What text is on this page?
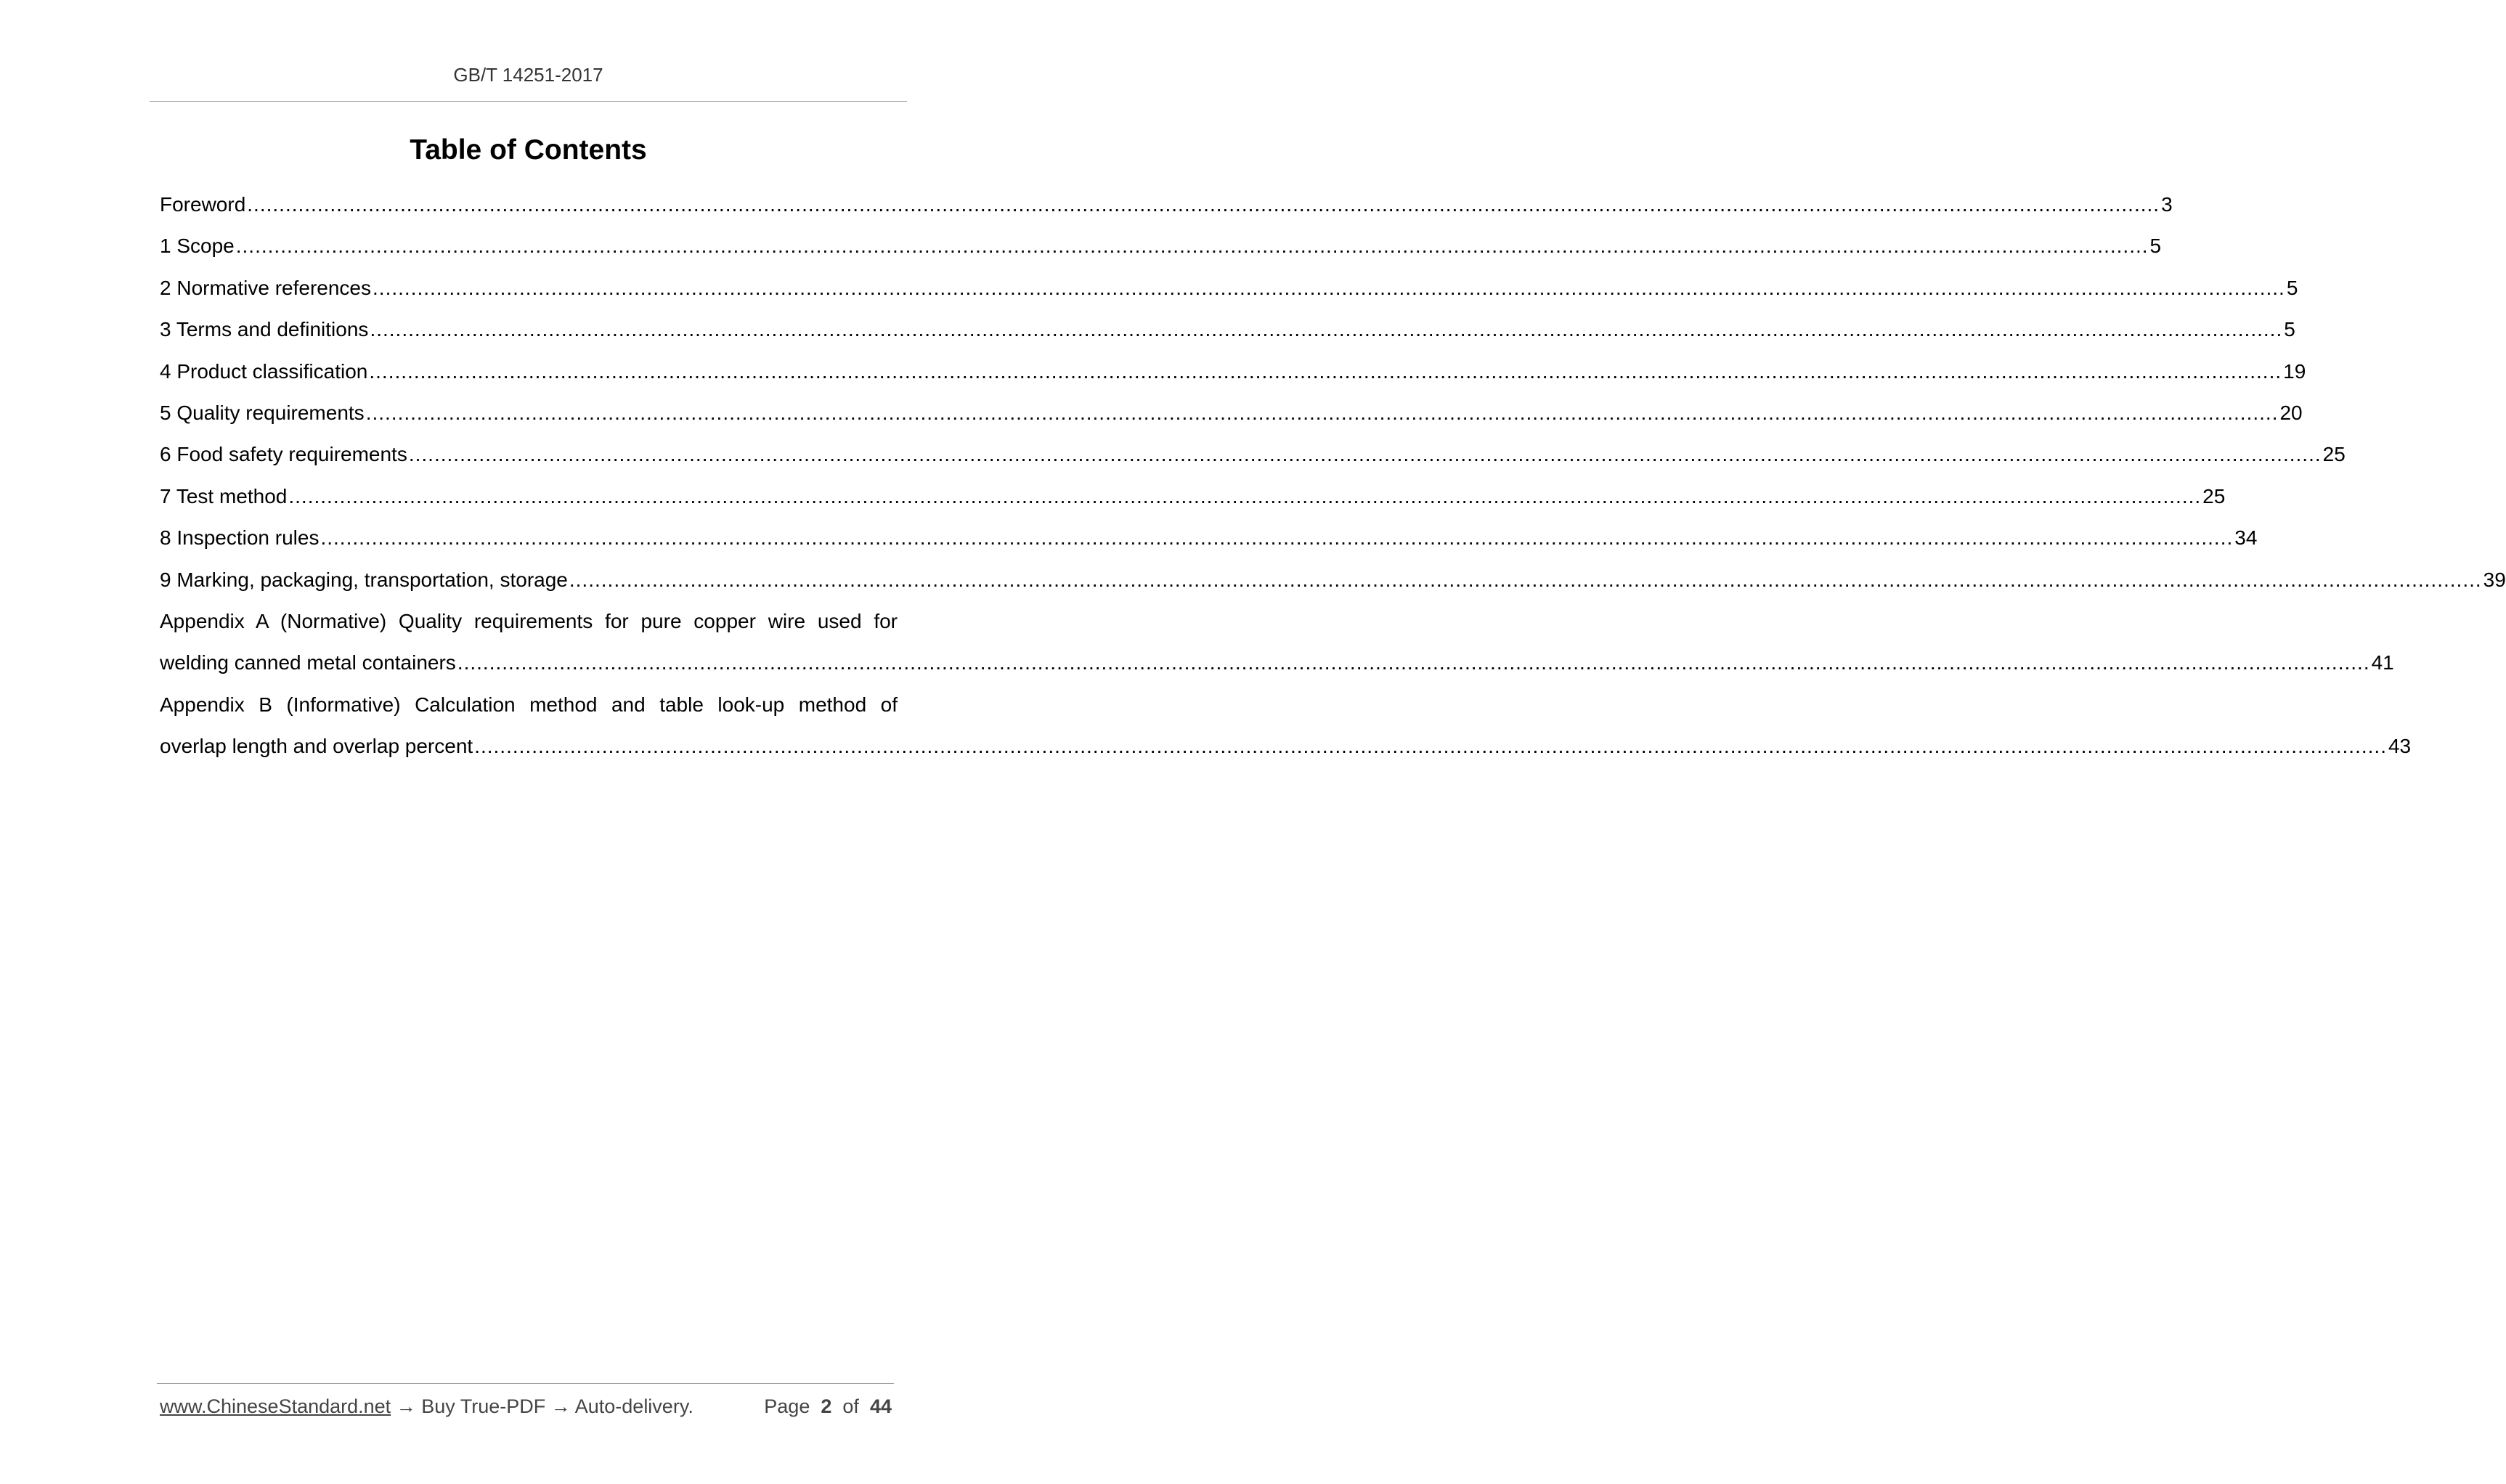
GB/T 14251-2017
Table of Contents
Foreword ............................................................................................................................................................................................................................................................................................................ 3
1 Scope ............................................................................................................................................................................................................................................................................................................ 5
2 Normative references ............................................................................................................................................................................................................................................................................................................ 5
3 Terms and definitions ............................................................................................................................................................................................................................................................................................................ 5
4 Product classification ............................................................................................................................................................................................................................................................................................................ 19
5 Quality requirements ............................................................................................................................................................................................................................................................................................................ 20
6 Food safety requirements ............................................................................................................................................................................................................................................................................................................ 25
7 Test method ............................................................................................................................................................................................................................................................................................................ 25
8 Inspection rules ............................................................................................................................................................................................................................................................................................................ 34
9 Marking, packaging, transportation, storage ............................................................................................................................................................................................................................................................................................................ 39
Appendix A (Normative) Quality requirements for pure copper wire used for
welding canned metal containers ............................................................................................................................................................................................................................................................................................................ 41
Appendix B (Informative) Calculation method and table look-up method of
overlap length and overlap percent ............................................................................................................................................................................................................................................................................................................ 43
www.ChineseStandard.net → Buy True-PDF → Auto-delivery.	Page 2 of 44
